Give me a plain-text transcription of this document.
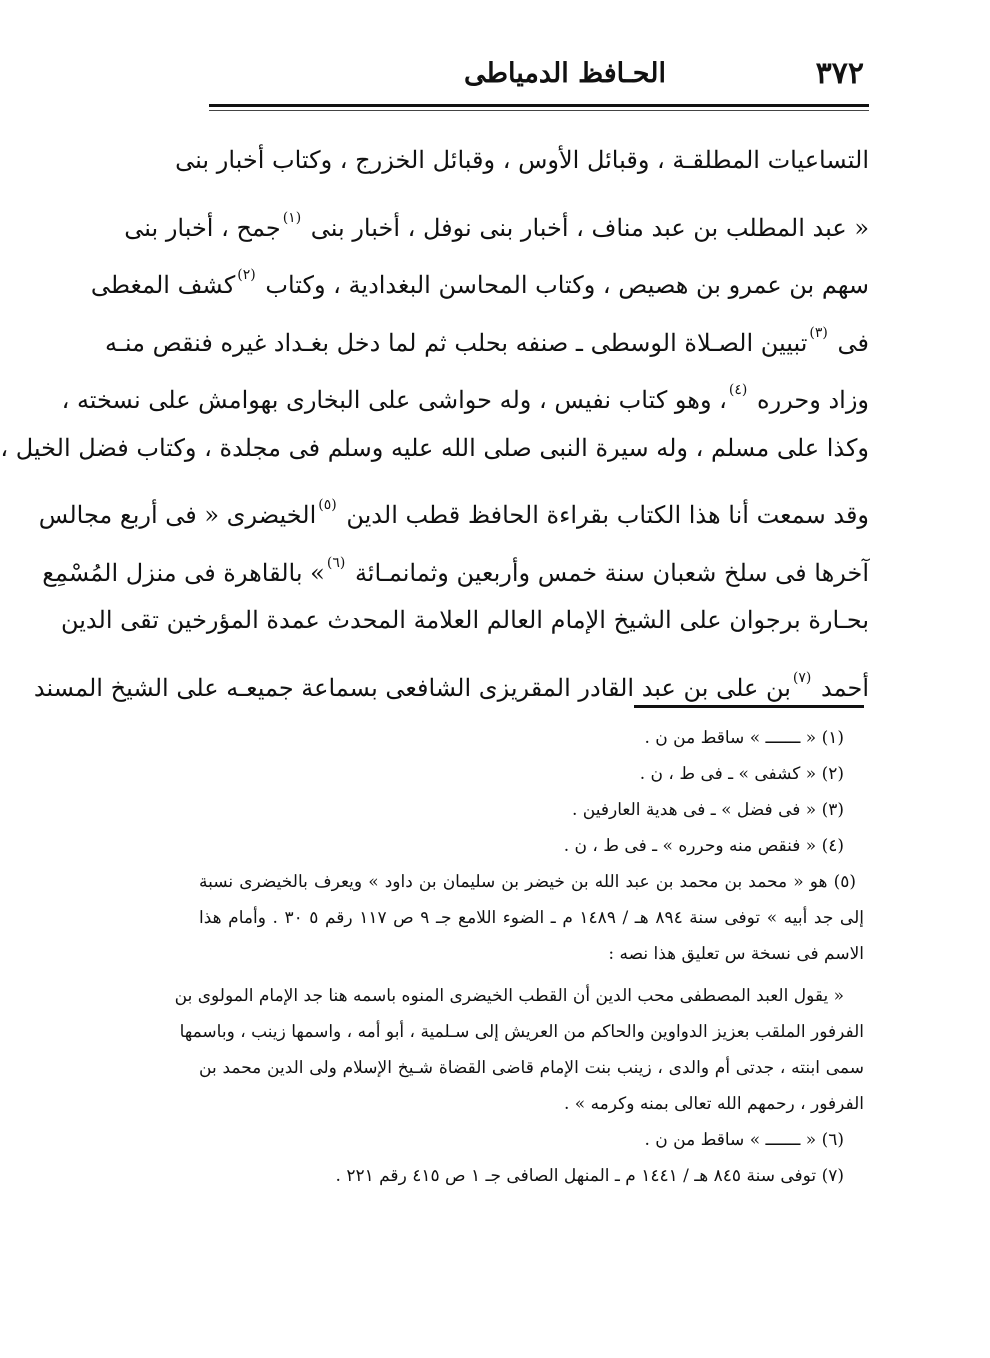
٣٧٢
الحـافظ الدمياطى
التساعيات المطلقـة ، وقبائل الأوس ، وقبائل الخزرج ، وكتاب أخبار بنى
« عبد المطلب بن عبد مناف ، أخبار بنى نوفل ، أخبار بنى $^{(١)}$جمح ، أخبار بنى
سهم بن عمرو بن هصيص ، وكتاب المحاسن البغدادية ، وكتاب $^{(٢)}$كشف المغطى
فى $^{(٣)}$تبيين الصـلاة الوسطى ـ صنفه بحلب ثم لما دخل بغـداد غيره فنقص منـه
وزاد وحرره $^{(٤)}$، وهو كتاب نفيس ، وله حواشى على البخارى بهوامش على نسخته ،
وكذا على مسلم ، وله سيرة النبى صلى الله عليه وسلم فى مجلدة ، وكتاب فضل الخيل ،
وقد سمعت أنا هذا الكتاب بقراءة الحافظ قطب الدين $^{(٥)}$الخيضرى « فى أربع مجالس
آخرها فى سلخ شعبان سنة خمس وأربعين وثمانمـائة $^{(٦)}$» بالقاهرة فى منزل المُسْمِع
بحـارة برجوان على الشيخ الإمام العالم العلامة المحدث عمدة المؤرخين تقى الدين
أحمد $^{(٧)}$بن على بن عبد القادر المقريزى الشافعى بسماعة جميعـه على الشيخ المسند
(١) « ـــــــ » ساقط من ن .
(٢) « كشفى » ـ فى ط ، ن .
(٣) « فى فضل » ـ فى هدية العارفين .
(٤) « فنقص منه وحرره » ـ فى ط ، ن .
(٥) هو « محمد بن محمد بن عبد الله بن خيضر بن سليمان بن داود » ويعرف بالخيضرى نسبة
إلى جد أبيه » توفى سنة ٨٩٤ هـ / ١٤٨٩ م ـ الضوء اللامع جـ ٩ ص ١١٧ رقم ٥ ٣٠ . وأمام هذا
الاسم فى نسخة س تعليق هذا نصه :
« يقول العبد المصطفى محب الدين أن القطب الخيضرى المنوه باسمه هنا جد الإمام المولوى بن
الفرفور الملقب بعزيز الدواوين والحاكم من العريش إلى سـلمية ، أبو أمه ، واسمها زينب ، وباسمها
سمى ابنته ، جدتى أم والدى ، زينب بنت الإمام قاضى القضاة شـيخ الإسلام ولى الدين محمد بن
الفرفور ، رحمهم الله تعالى بمنه وكرمه » .
(٦) « ـــــــ » ساقط من ن .
(٧) توفى سنة ٨٤٥ هـ / ١٤٤١ م ـ المنهل الصافى جـ ١ ص ٤١٥ رقم ٢٢١ .
